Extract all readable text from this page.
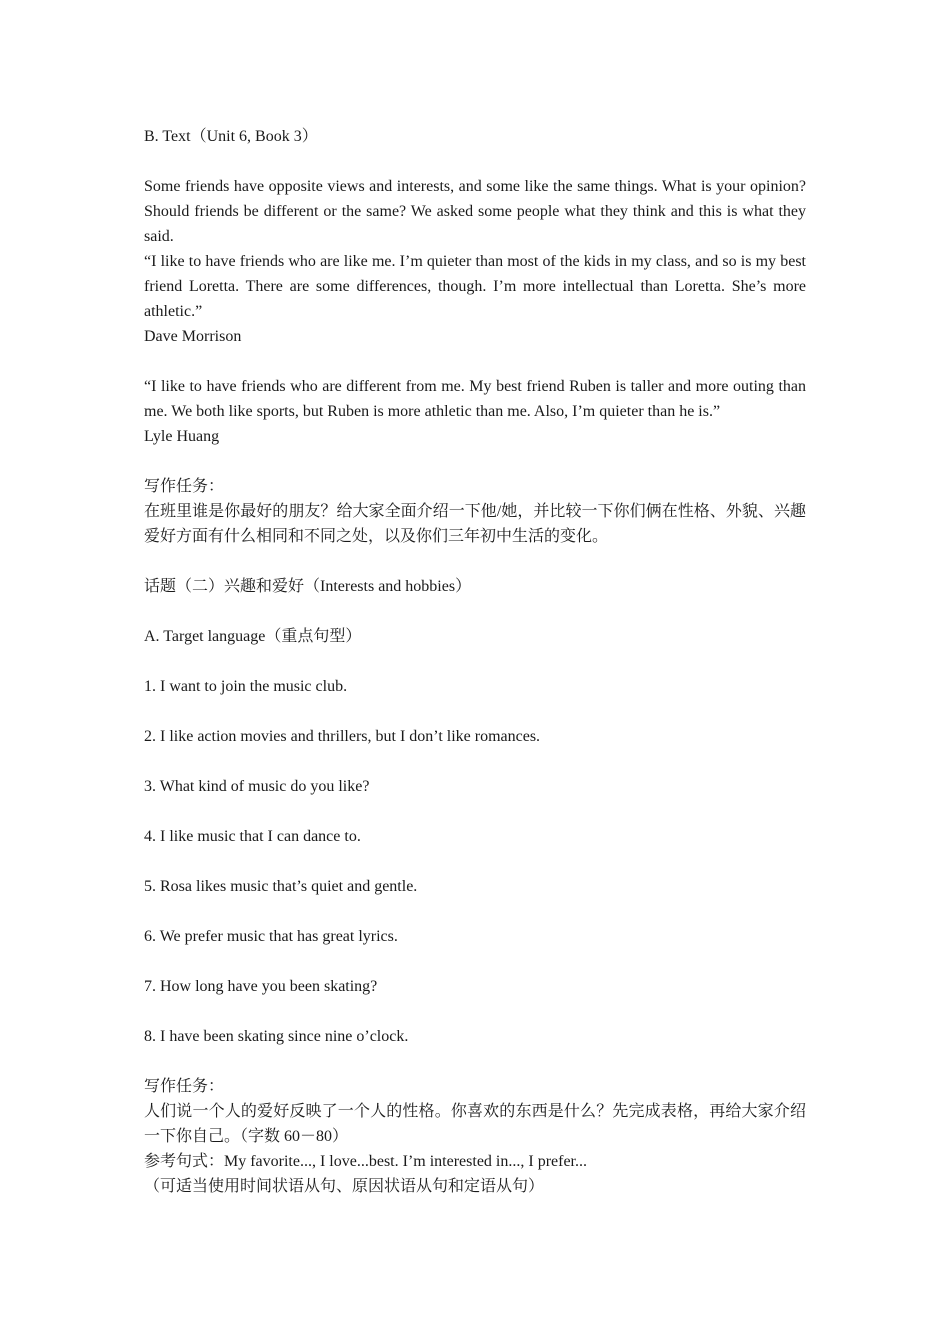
B. Text（Unit 6, Book 3）

Some friends have opposite views and interests, and some like the same things. What is your opinion? Should friends be different or the same? We asked some people what they think and this is what they said.

“I like to have friends who are like me. I’m quieter than most of the kids in my class, and so is my best friend Loretta. There are some differences, though. I’m more intellectual than Loretta. She’s more athletic.”

Dave Morrison

“I like to have friends who are different from me. My best friend Ruben is taller and more outing than me. We both like sports, but Ruben is more athletic than me. Also, I’m quieter than he is.”

Lyle Huang

写作任务：

在班里谁是你最好的朋友？给大家全面介绍一下他/她，并比较一下你们俩在性格、外貌、兴趣爱好方面有什么相同和不同之处，以及你们三年初中生活的变化。

话题（二）兴趣和爱好（Interests and hobbies）

A. Target language（重点句型）

1. I want to join the music club.

2. I like action movies and thrillers, but I don’t like romances.

3. What kind of music do you like?

4. I like music that I can dance to.

5. Rosa likes music that’s quiet and gentle.

6. We prefer music that has great lyrics.

7. How long have you been skating?

8. I have been skating since nine o’clock.

写作任务：

人们说一个人的爱好反映了一个人的性格。你喜欢的东西是什么？先完成表格，再给大家介绍一下你自己。（字数 60－80）

参考句式：My favorite..., I love...best. I’m interested in..., I prefer...

（可适当使用时间状语从句、原因状语从句和定语从句）
